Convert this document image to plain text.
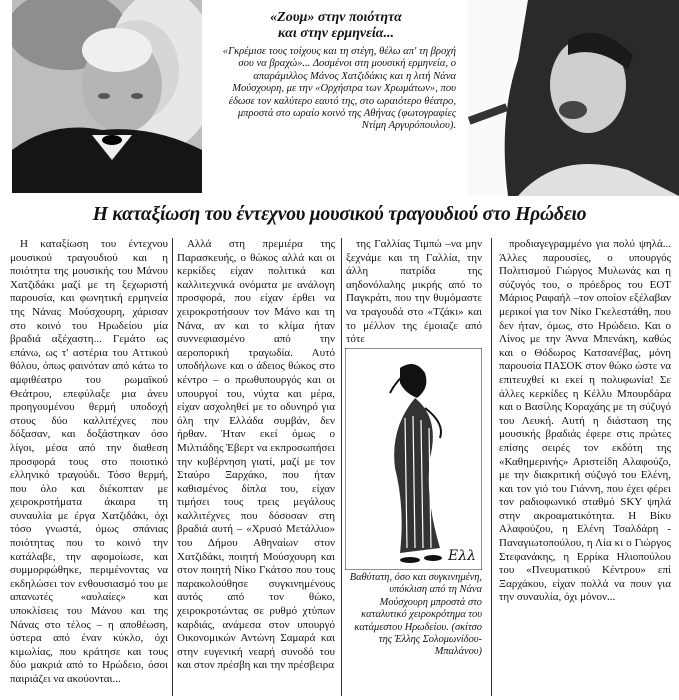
«Ζουμ» στην ποιότητα
και στην ερμηνεία...

«Γκρέμισε τους τοίχους και τη στέγη, θέλω απ' τη βροχή σου να βραχώ»... Δοσμένοι στη μουσική ερμηνεία, ο απαράμιλλος Μάνος Χατζιδάκις και η λιτή Νάνα Μούσχουρη, με την «Ορχήστρα των Χρωμάτων», που έδωσε τον καλύτερο εαυτό της, στο ωραιότερο θέατρο, μπροστά στο ωραίο κοινό της Αθήνας (φωτογραφίες Ντίμη Αργυρόπουλου).

Η καταξίωση του έντεχνου μουσικού τραγουδιού στο Ηρώδειο

Η καταξίωση του έντεχνου μουσικού τραγουδιού και η ποιότητα της μουσικής του Μάνου Χατζιδάκι μαζί με τη ξεχωριστή παρουσία, και φωνητική ερμηνεία της Νάνας Μούσχουρη, χάρισαν στο κοινό του Ηρωδείου μία βραδιά αξέχαστη... Γεμάτο ως επάνω, ως τ' αστέρια του Αττικού θόλου, όπως φαινόταν από κάτω το αμφιθέατρο του ρωμαϊκού Θεάτρου, επεφύλαξε μια άνευ προηγουμένου θερμή υποδοχή στους δύο καλλιτέχνες που δόξασαν, και δοξάστηκαν όσο λίγοι, μέσα από την διαθεση προσφορά τους στο ποιοτικό ελληνικό τραγούδι. Τόσο θερμή, που όλο και διέκοπταν με χειροκροτήματα άκαιρα τη συναυλία με έργα Χατζιδάκι, όχι τόσο γνωστά, όμως σπάνιας ποιότητας που το κοινό την κατάλαβε, την αφομοίωσε, και συμμορφώθηκε, περιμένοντας να εκδηλώσει τον ενθουσιασμό του με απανωτές «αυλαίες» και υποκλίσεις του Μάνου και της Νάνας στο τέλος – η αποθέωση, ύστερα από έναν κύκλο, όχι κιμωλίας, που κράτησε και τους δύο μακριά από το Ηρώδειο, όσοι παιριάζει να ακούονται...

Αλλά στη πρεμιέρα της Παρασκευής, ο θώκος αλλά και οι κερκίδες είχαν πολιτικά και καλλιτεχνικά ονόματα με ανάλογη προσφορά, που είχαν έρθει να χειροκροτήσουν τον Μάνο και τη Νάνα, αν και το κλίμα ήταν συννεφιασμένο από την αεροπορική τραγωδία. Αυτό υποδήλωνε και ο άδειος θώκος στο κέντρο – ο πρωθυπουργός και οι υπουργοί του, νύχτα και μέρα, είχαν ασχοληθεί με το οδυνηρό για όλη την Ελλάδα συμβάν, δεν ήρθαν. Ήταν εκεί όμως ο Μιλτιάδης Έβερτ να εκπροσωπήσει την κυβέρνηση γιατί, μαζί με τον Σταύρο Ξαρχάκο, που ήταν καθισμένος δίπλα του, είχαν τιμήσει τους τρεις μεγάλους καλλιτέχνες που δόσοσαν στη βραδιά αυτή – «Χρυσό Μετάλλιο» του Δήμου Αθηναίων στον Χατζιδάκι, ποιητή Μούσχουρη και στον ποιητή Νίκο Γκάτσο που τους παρακολούθησε συγκινημένους αυτός από τον θώκο, χειροκροτώντας σε ρυθμό χτύπων καρδιάς, ανάμεσα στον υπουργό Οικονομικών Αντώνη Σαμαρά και στην ευγενική νεαρή συνοδό του και στον πρέσβη και την πρέσβειρα

της Γαλλίας Τιμπώ –να μην ξεχνάμε και τη Γαλλία, την άλλη πατρίδα της αηδονόλαλης μικρής από το Παγκράτι, που την θυμόμαστε να τραγουδά στο «Τζάκι» και το μέλλον της έμοιαζε από τότε

προδιαγεγραμμένο για πολύ ψηλά... Άλλες παρουσίες, ο υπουργός Πολιτισμού Γιώργος Μυλωνάς και η σύζυγός του, ο πρόεδρος του ΕΟΤ Μάριος Ραφαήλ –τον οποίον εξέλαβαν μερικοί για τον Νίκο Γκελεστάθη, που δεν ήταν, όμως, στο Ηρώδειο. Και ο Λίνος με την Άννα Μπενάκη, καθώς και ο Θόδωρος Κατσανέβας, μόνη παρουσία ΠΑΣΟΚ στον θώκο ώστε να επιτευχθεί κι εκεί η πολυφωνία! Σε άλλες κερκίδες η Κέλλυ Μπουρδάρα και ο Βασίλης Κοραχάης με τη σύζυγό του Λευκή. Αυτή η διάσταση της μουσικής βραδιάς έφερε στις πρώτες επίσης σειρές τον εκδότη της «Καθημερινής» Αριστείδη Αλαφούζο, με την διακριτική σύζυγό του Ελένη, και τον γιό του Γιάννη, που έχει φέρει τον ραδιοφωνικό σταθμό SKY ψηλά στην ακροαματικότητα. Η Βίκυ Αλαφούζου, η Ελένη Τσαλδάρη - Παναγιωτοπούλου, η Λία κι ο Γιώργος Στεφανάκης, η Ερρίκα Ηλιοπούλου του «Πνευματικού Κέντρου» επί Ξαρχάκου, είχαν πολλά να πουν για την συναυλία, όχι μόνον...

Ελλ

Βαθύτατη, όσο και συγκινημένη, υπόκλιση από τη Νάνα Μούσχουρη μπροστά στο καταλυτικό χειροκρότημα του κατάμεστου Ηρωδείου. (σκίτσο της Έλλης Σολομωνίδου-Μπαλάνου)
